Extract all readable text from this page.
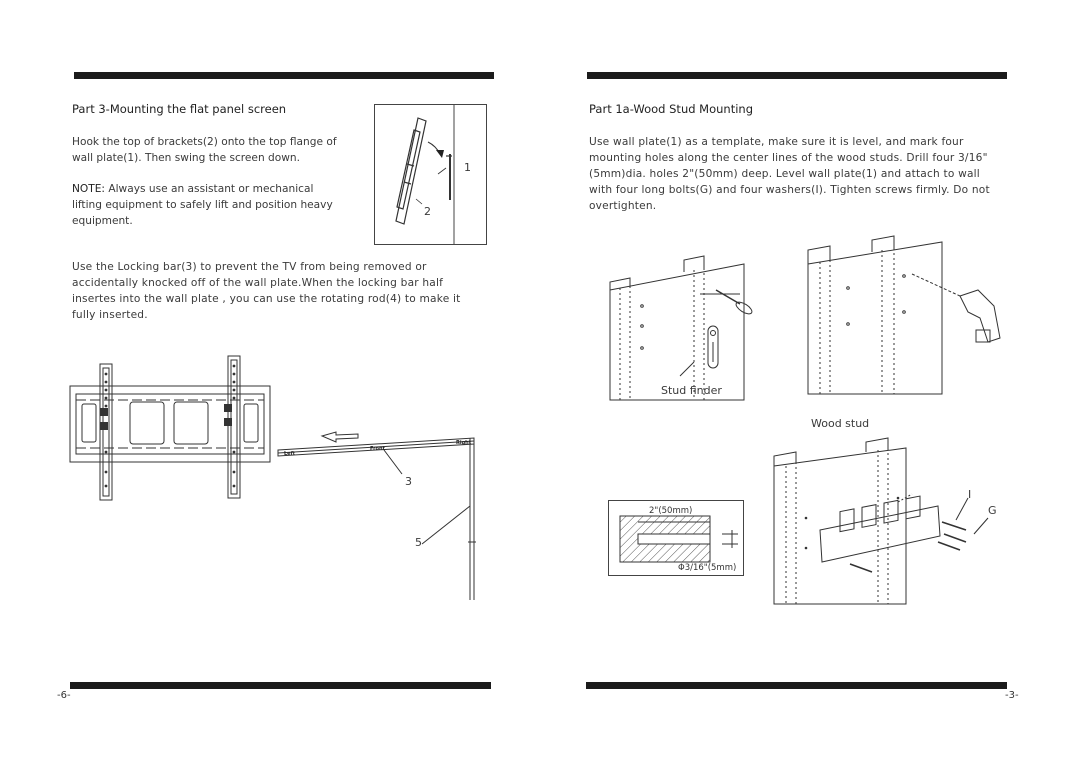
Part 3-Mounting the flat panel screen

Hook the top of brackets(2) onto the top flange of wall plate(1). Then swing the screen down.

NOTE: Always use an assistant or mechanical lifting equipment to safely lift and position heavy equipment.

Use the Locking bar(3) to prevent the TV from being removed or accidentally knocked off of the wall plate.When the locking bar half insertes into the wall plate , you can use the rotating rod(4) to make it fully inserted.

1
2
Left
Front
Right
3
5
Part 1a-Wood Stud Mounting

Use wall plate(1) as a template, make sure it is level, and mark four mounting holes along the center lines of the wood studs. Drill four 3/16"(5mm)dia. holes 2"(50mm) deep. Level wall plate(1) and attach to wall with four long bolts(G) and four washers(I). Tighten screws firmly. Do not overtighten.

Stud finder
Wood stud
2"(50mm)
Φ3/16"(5mm)
I
G
-6-	-3-
